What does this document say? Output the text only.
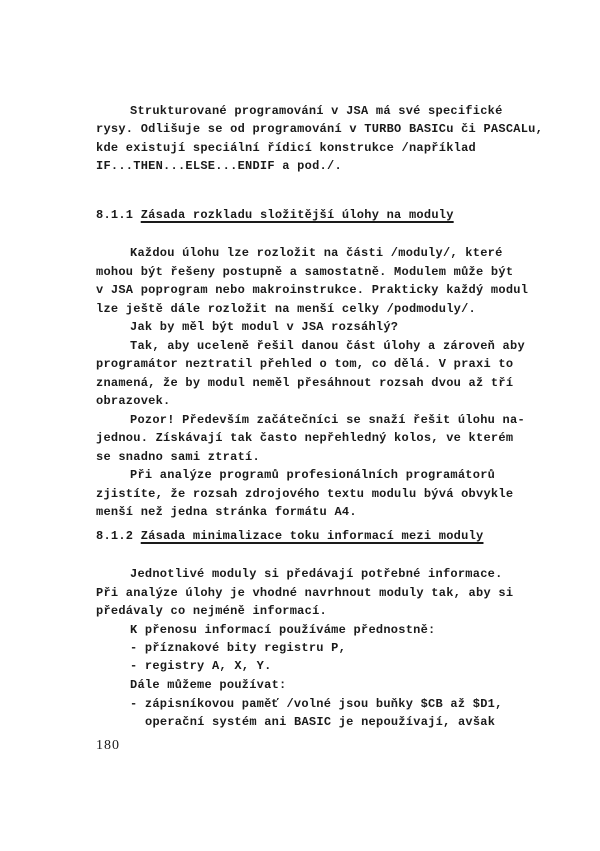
Strukturované programování v JSA má své specifické
rysy. Odlišuje se od programování v TURBO BASICu či PASCALu,
kde existují speciální řídicí konstrukce /například
IF...THEN...ELSE...ENDIF a pod./.
8.1.1 Zásada rozkladu složitější úlohy na moduly
Každou úlohu lze rozložit na části /moduly/, které
mohou být řešeny postupně a samostatně. Modulem může být
v JSA poprogram nebo makroinstrukce. Prakticky každý modul
lze ještě dále rozložit na menší celky /podmoduly/.
Jak by měl být modul v JSA rozsáhlý?
Tak, aby uceleně řešil danou část úlohy a zároveň aby
programátor neztratil přehled o tom, co dělá. V praxi to
znamená, že by modul neměl přesáhnout rozsah dvou až tří
obrazovek.
Pozor! Především začátečníci se snaží řešit úlohu na-
jednou. Získávají tak často nepřehledný kolos, ve kterém
se snadno sami ztratí.
Při analýze programů profesionálních programátorů
zjistíte, že rozsah zdrojového textu modulu bývá obvykle
menší než jedna stránka formátu A4.
8.1.2 Zásada minimalizace toku informací mezi moduly
Jednotlivé moduly si předávají potřebné informace.
Při analýze úlohy je vhodné navrhnout moduly tak, aby si
předávaly co nejméně informací.
K přenosu informací používáme přednostně:
- příznakové bity registru P,
- registry A, X, Y.
Dále můžeme používat:
- zápisníkovou paměť /volné jsou buňky $CB až $D1,
operační systém ani BASIC je nepoužívají, avšak
180
